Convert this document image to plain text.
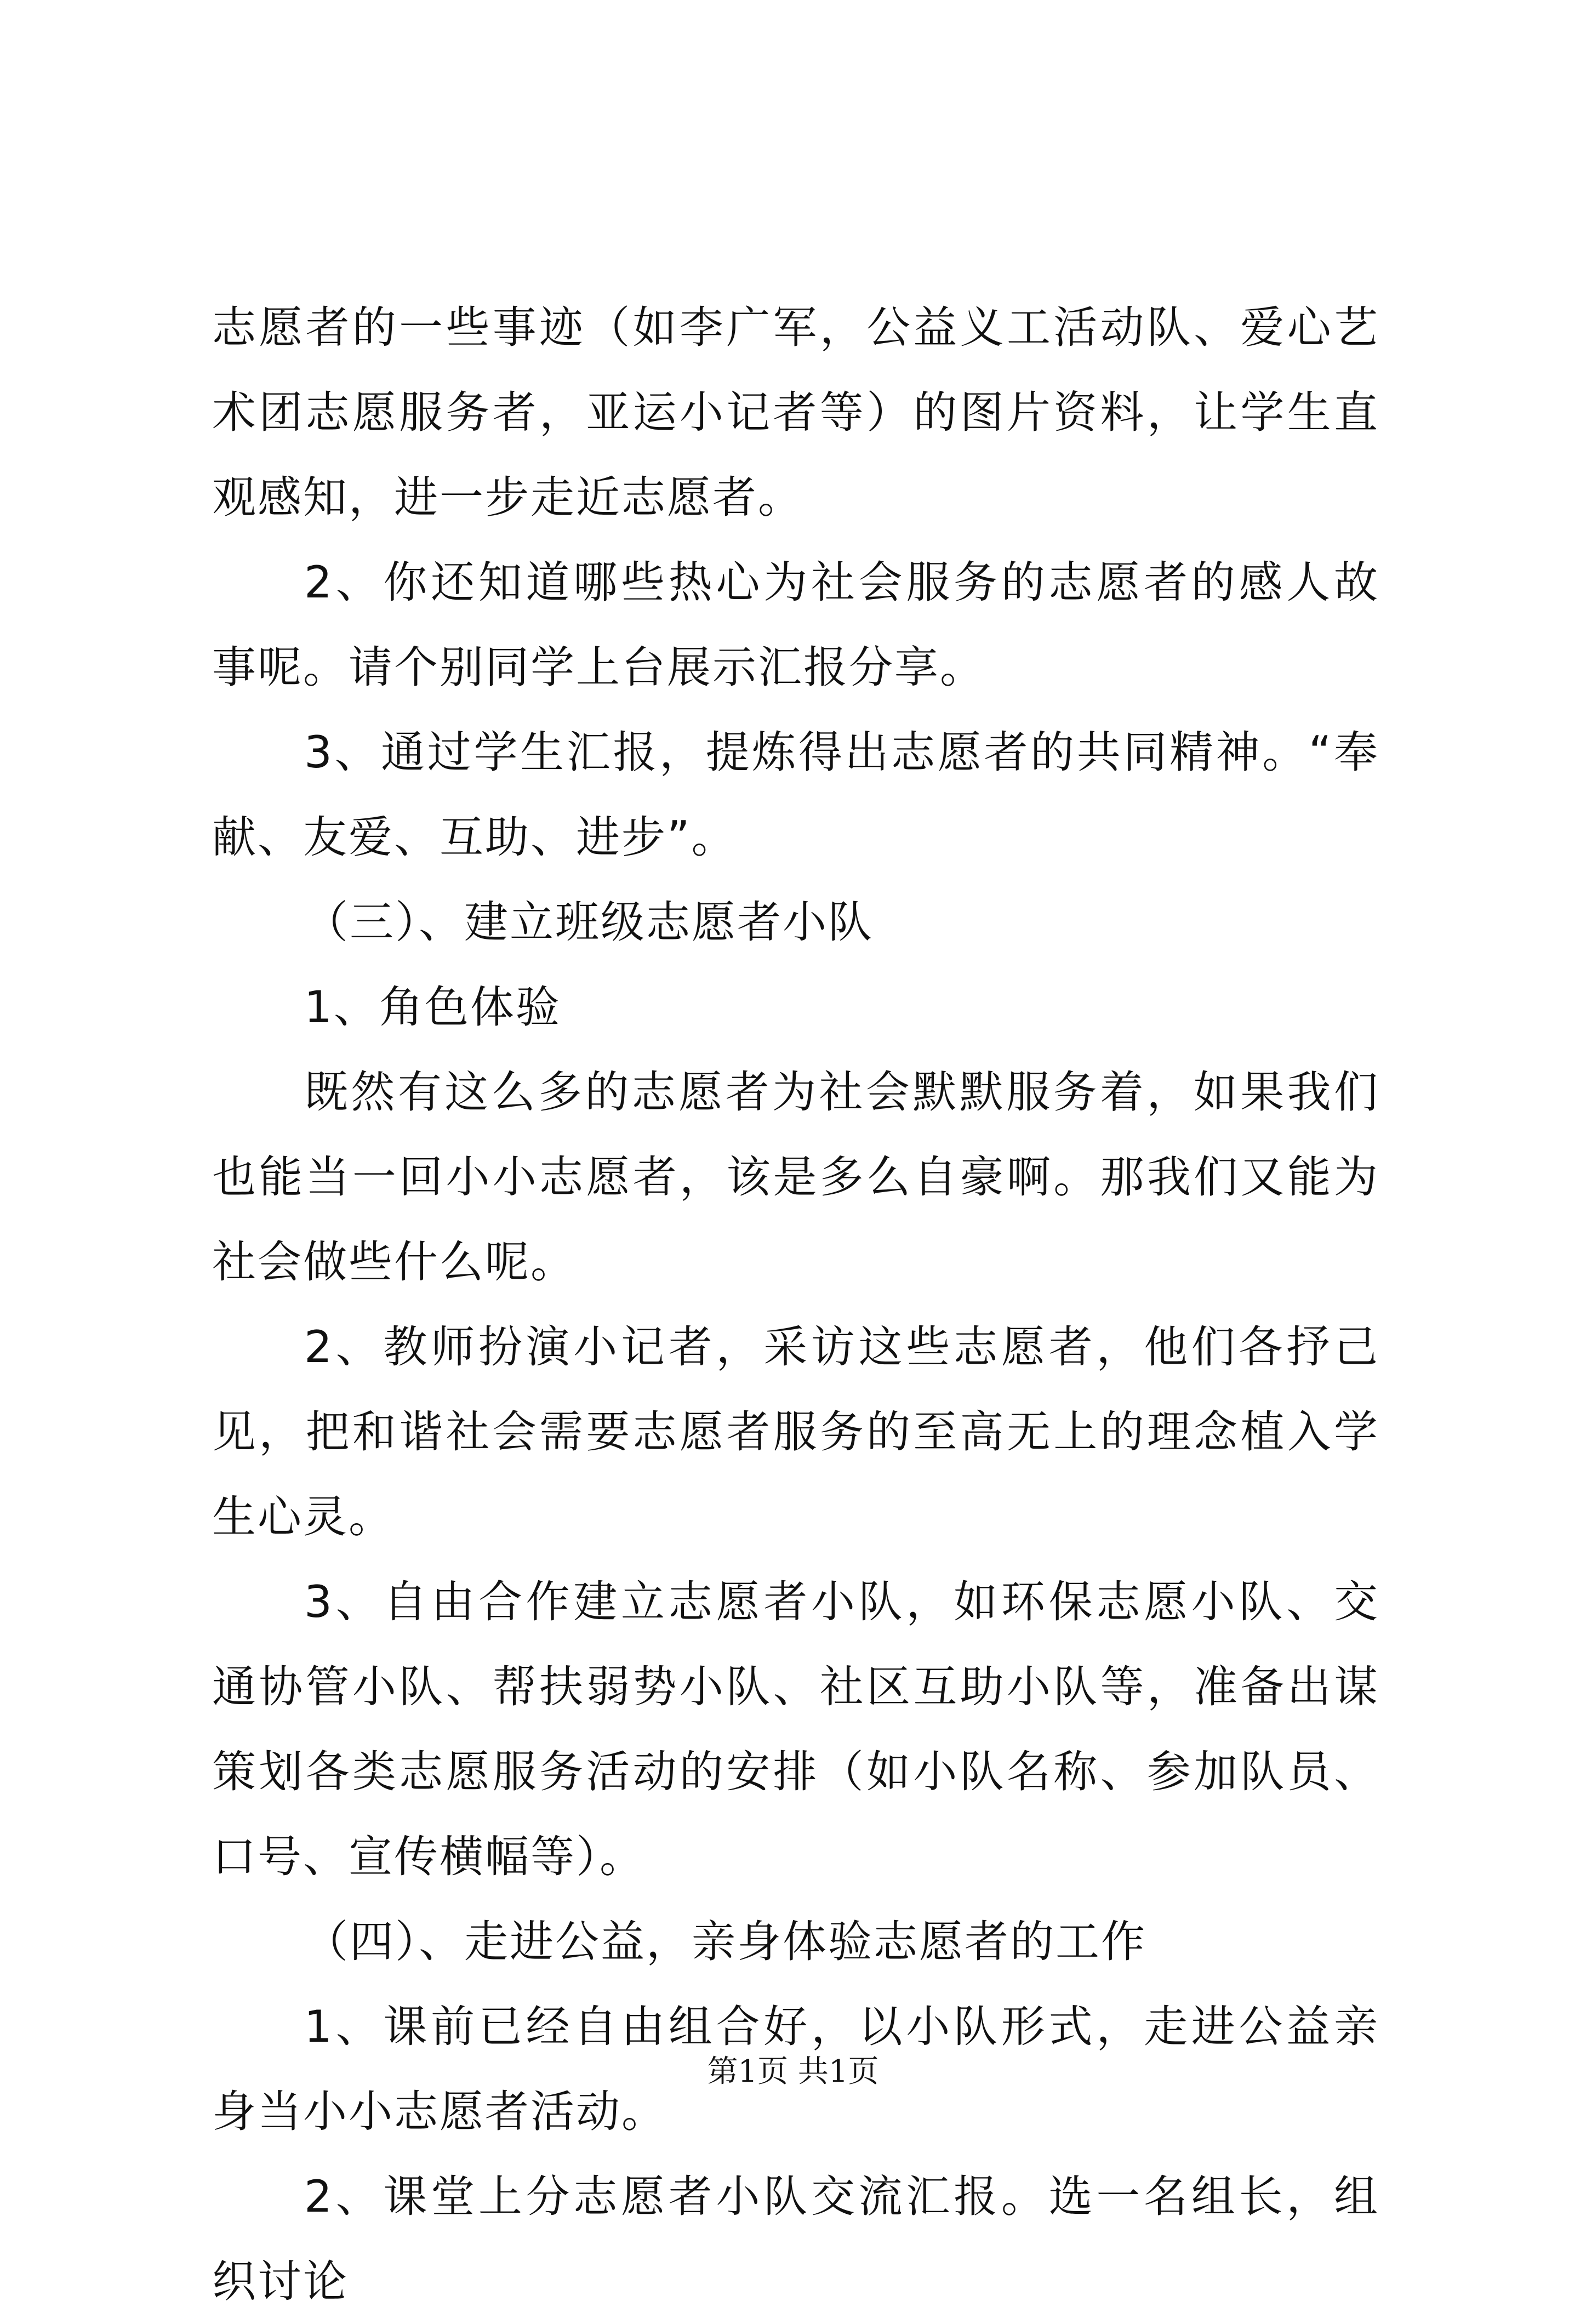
志愿者的一些事迹（如李广军，公益义工活动队、爱心艺术团志愿服务者，亚运小记者等）的图片资料，让学生直观感知，进一步走近志愿者。

2、你还知道哪些热心为社会服务的志愿者的感人故事呢。请个别同学上台展示汇报分享。

3、通过学生汇报，提炼得出志愿者的共同精神。“奉献、友爱、互助、进步”。

（三）、建立班级志愿者小队

1、角色体验

既然有这么多的志愿者为社会默默服务着，如果我们也能当一回小小志愿者，该是多么自豪啊。那我们又能为社会做些什么呢。

2、教师扮演小记者，采访这些志愿者，他们各抒己见，把和谐社会需要志愿者服务的至高无上的理念植入学生心灵。

3、自由合作建立志愿者小队，如环保志愿小队、交通协管小队、帮扶弱势小队、社区互助小队等，准备出谋策划各类志愿服务活动的安排（如小队名称、参加队员、口号、宣传横幅等）。

（四）、走进公益，亲身体验志愿者的工作

1、课前已经自由组合好，以小队形式，走进公益亲身当小小志愿者活动。

2、课堂上分志愿者小队交流汇报。选一名组长，组织讨论

第1页 共1页
